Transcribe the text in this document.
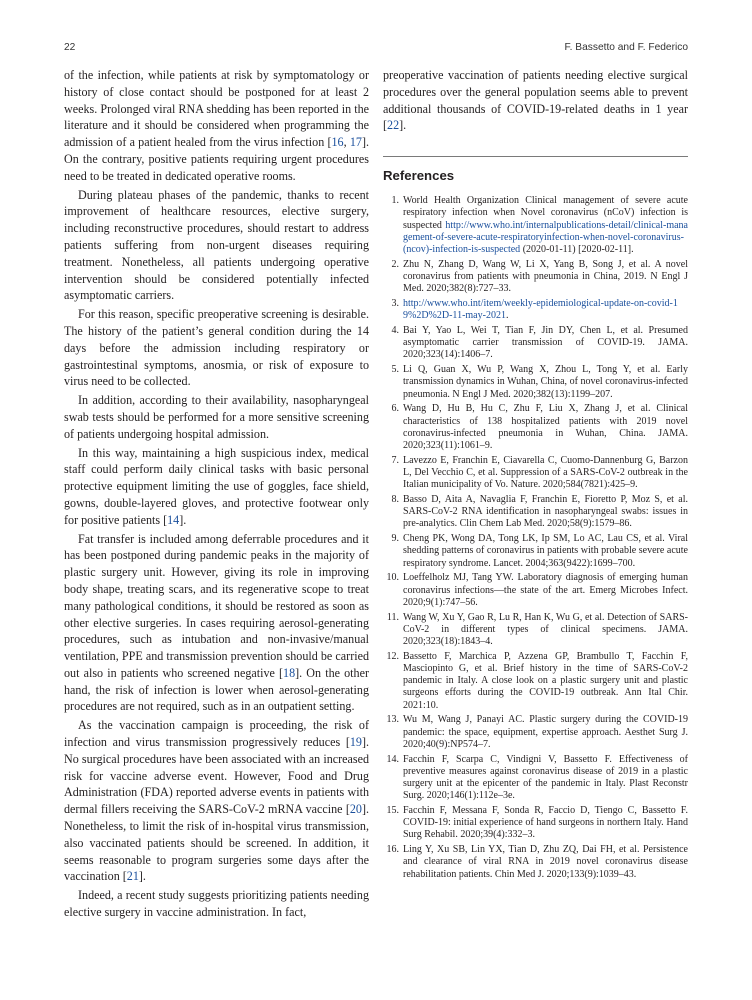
22	F. Bassetto and F. Federico

of the infection, while patients at risk by symptomatology or history of close contact should be postponed for at least 2 weeks. Prolonged viral RNA shedding has been reported in the literature and it should be considered when programming the admission of a patient healed from the virus infection [16, 17]. On the contrary, positive patients requiring urgent procedures need to be treated in dedicated operative rooms.

During plateau phases of the pandemic, thanks to recent improvement of healthcare resources, elective surgery, including reconstructive procedures, should restart to address patients suffering from non-urgent diseases requiring treatment. Nonetheless, all patients undergoing operative intervention should be considered potentially infected asymptomatic carriers.

For this reason, specific preoperative screening is desirable. The history of the patient’s general condition during the 14 days before the admission including respiratory or gastrointestinal symptoms, anosmia, or risk of exposure to virus need to be collected.

In addition, according to their availability, nasopharyngeal swab tests should be performed for a more sensitive screening of patients undergoing hospital admission.

In this way, maintaining a high suspicious index, medical staff could perform daily clinical tasks with basic personal protective equipment limiting the use of goggles, face shield, gowns, double-layered gloves, and protective footwear only for positive patients [14].

Fat transfer is included among deferrable procedures and it has been postponed during pandemic peaks in the majority of plastic surgery unit. However, giving its role in improving body shape, treating scars, and its regenerative scope to treat many pathological conditions, it should be restored as soon as other elective surgeries. In cases requiring aerosol-generating procedures, such as intubation and non-invasive/manual ventilation, PPE and transmission prevention should be carried out also in patients who screened negative [18]. On the other hand, the risk of infection is lower when aerosol-generating procedures are not required, such as in an outpatient setting.

As the vaccination campaign is proceeding, the risk of infection and virus transmission progressively reduces [19]. No surgical procedures have been associated with an increased risk for vaccine adverse event. However, Food and Drug Administration (FDA) reported adverse events in patients with dermal fillers receiving the SARS-CoV-2 mRNA vaccine [20]. Nonetheless, to limit the risk of in-hospital virus transmission, also vaccinated patients should be screened. In addition, it seems reasonable to program surgeries some days after the vaccination [21].

Indeed, a recent study suggests prioritizing patients needing elective surgery in vaccine administration. In fact,

preoperative vaccination of patients needing elective surgical procedures over the general population seems able to prevent additional thousands of COVID-19-related deaths in 1 year [22].

References
1. World Health Organization Clinical management of severe acute respiratory infection when Novel coronavirus (nCoV) infection is suspected http://www.who.int/internalpublications-detail/clinical-management-of-severe-acute-respiratoryinfection-when-novel-coronavirus-(ncov)-infection-is-suspected (2020-01-11) [2020-02-11].
2. Zhu N, Zhang D, Wang W, Li X, Yang B, Song J, et al. A novel coronavirus from patients with pneumonia in China, 2019. N Engl J Med. 2020;382(8):727–33.
3. http://www.who.int/item/weekly-epidemiological-update-on-covid-19%2D%2D-11-may-2021.
4. Bai Y, Yao L, Wei T, Tian F, Jin DY, Chen L, et al. Presumed asymptomatic carrier transmission of COVID-19. JAMA. 2020;323(14):1406–7.
5. Li Q, Guan X, Wu P, Wang X, Zhou L, Tong Y, et al. Early transmission dynamics in Wuhan, China, of novel coronavirus-infected pneumonia. N Engl J Med. 2020;382(13):1199–207.
6. Wang D, Hu B, Hu C, Zhu F, Liu X, Zhang J, et al. Clinical characteristics of 138 hospitalized patients with 2019 novel coronavirus-infected pneumonia in Wuhan, China. JAMA. 2020;323(11):1061–9.
7. Lavezzo E, Franchin E, Ciavarella C, Cuomo-Dannenburg G, Barzon L, Del Vecchio C, et al. Suppression of a SARS-CoV-2 outbreak in the Italian municipality of Vo. Nature. 2020;584(7821):425–9.
8. Basso D, Aita A, Navaglia F, Franchin E, Fioretto P, Moz S, et al. SARS-CoV-2 RNA identification in nasopharyngeal swabs: issues in pre-analytics. Clin Chem Lab Med. 2020;58(9):1579–86.
9. Cheng PK, Wong DA, Tong LK, Ip SM, Lo AC, Lau CS, et al. Viral shedding patterns of coronavirus in patients with probable severe acute respiratory syndrome. Lancet. 2004;363(9422):1699–700.
10. Loeffelholz MJ, Tang YW. Laboratory diagnosis of emerging human coronavirus infections—the state of the art. Emerg Microbes Infect. 2020;9(1):747–56.
11. Wang W, Xu Y, Gao R, Lu R, Han K, Wu G, et al. Detection of SARS-CoV-2 in different types of clinical specimens. JAMA. 2020;323(18):1843–4.
12. Bassetto F, Marchica P, Azzena GP, Brambullo T, Facchin F, Masciopinto G, et al. Brief history in the time of SARS-CoV-2 pandemic in Italy. A close look on a plastic surgery unit and plastic surgeons efforts during the COVID-19 outbreak. Ann Ital Chir. 2021:10.
13. Wu M, Wang J, Panayi AC. Plastic surgery during the COVID-19 pandemic: the space, equipment, expertise approach. Aesthet Surg J. 2020;40(9):NP574–7.
14. Facchin F, Scarpa C, Vindigni V, Bassetto F. Effectiveness of preventive measures against coronavirus disease of 2019 in a plastic surgery unit at the epicenter of the pandemic in Italy. Plast Reconstr Surg. 2020;146(1):112e–3e.
15. Facchin F, Messana F, Sonda R, Faccio D, Tiengo C, Bassetto F. COVID-19: initial experience of hand surgeons in northern Italy. Hand Surg Rehabil. 2020;39(4):332–3.
16. Ling Y, Xu SB, Lin YX, Tian D, Zhu ZQ, Dai FH, et al. Persistence and clearance of viral RNA in 2019 novel coronavirus disease rehabilitation patients. Chin Med J. 2020;133(9):1039–43.
